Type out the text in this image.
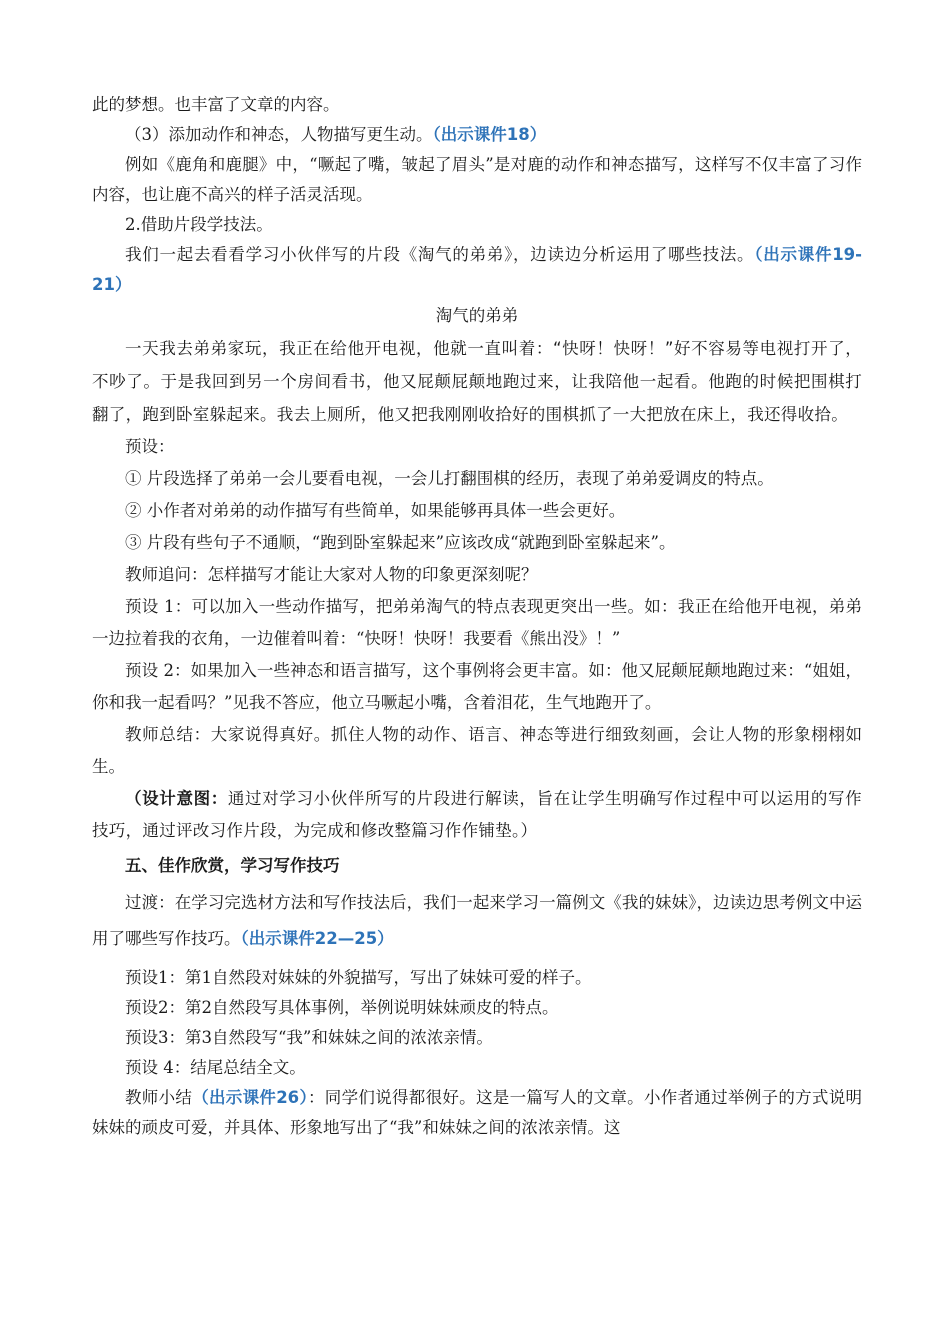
此的梦想。也丰富了文章的内容。

（3）添加动作和神态，人物描写更生动。（出示课件18）

例如《鹿角和鹿腿》中，“噘起了嘴，皱起了眉头”是对鹿的动作和神态描写，这样写不仅丰富了习作内容，也让鹿不高兴的样子活灵活现。

2.借助片段学技法。

我们一起去看看学习小伙伴写的片段《淘气的弟弟》，边读边分析运用了哪些技法。（出示课件19-21）

淘气的弟弟

一天我去弟弟家玩，我正在给他开电视，他就一直叫着：“快呀！快呀！”好不容易等电视打开了，不吵了。于是我回到另一个房间看书，他又屁颠屁颠地跑过来，让我陪他一起看。他跑的时候把围棋打翻了，跑到卧室躲起来。我去上厕所，他又把我刚刚收拾好的围棋抓了一大把放在床上，我还得收拾。

预设：

① 片段选择了弟弟一会儿要看电视，一会儿打翻围棋的经历，表现了弟弟爱调皮的特点。

② 小作者对弟弟的动作描写有些简单，如果能够再具体一些会更好。

③ 片段有些句子不通顺，“跑到卧室躲起来”应该改成“就跑到卧室躲起来”。

教师追问：怎样描写才能让大家对人物的印象更深刻呢？

预设 1：可以加入一些动作描写，把弟弟淘气的特点表现更突出一些。如：我正在给他开电视，弟弟一边拉着我的衣角，一边催着叫着：“快呀！快呀！我要看《熊出没》！”

预设 2：如果加入一些神态和语言描写，这个事例将会更丰富。如：他又屁颠屁颠地跑过来：“姐姐，你和我一起看吗？”见我不答应，他立马噘起小嘴，含着泪花，生气地跑开了。

教师总结：大家说得真好。抓住人物的动作、语言、神态等进行细致刻画，会让人物的形象栩栩如生。

（设计意图：通过对学习小伙伴所写的片段进行解读，旨在让学生明确写作过程中可以运用的写作技巧，通过评改习作片段，为完成和修改整篇习作作铺垫。）

五、佳作欣赏，学习写作技巧

过渡：在学习完选材方法和写作技法后，我们一起来学习一篇例文《我的妹妹》，边读边思考例文中运用了哪些写作技巧。（出示课件22—25）

预设1：第1自然段对妹妹的外貌描写，写出了妹妹可爱的样子。

预设2：第2自然段写具体事例，举例说明妹妹顽皮的特点。

预设3：第3自然段写“我”和妹妹之间的浓浓亲情。

预设 4：结尾总结全文。

教师小结（出示课件26）：同学们说得都很好。这是一篇写人的文章。小作者通过举例子的方式说明妹妹的顽皮可爱，并具体、形象地写出了“我”和妹妹之间的浓浓亲情。这
